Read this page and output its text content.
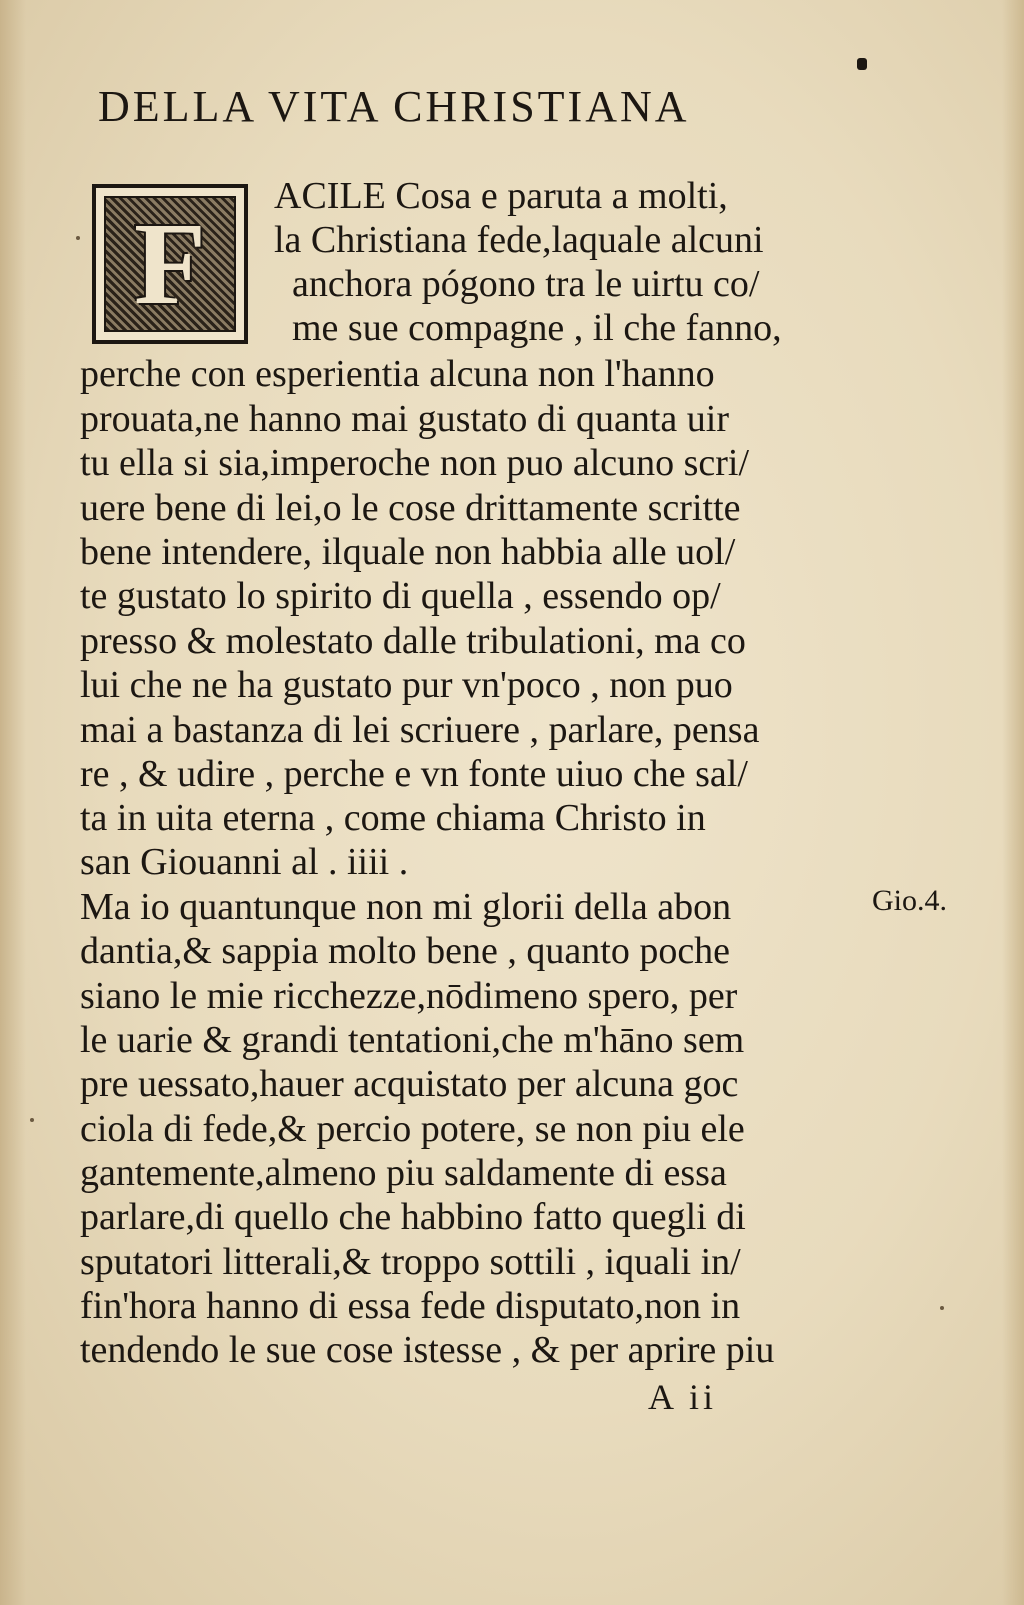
DELLA VITA CHRISTIANA
F
ACILE Cosa e paruta a molti,
la Christiana fede,laquale alcuni
anchora pógono tra le uirtu co/
me sue compagne , il che fanno,
perche con esperientia alcuna non l'hanno
prouata,ne hanno mai gustato di quanta uir
tu ella si sia,imperoche non puo alcuno scri/
uere bene di lei,o le cose drittamente scritte
bene intendere, ilquale non habbia alle uol/
te gustato lo spirito di quella , essendo op/
presso & molestato dalle tribulationi, ma co
lui che ne ha gustato pur vn'poco , non puo
mai a bastanza di lei scriuere , parlare, pensa
re , & udire , perche e vn fonte uiuo che sal/
ta in uita eterna , come chiama Christo in
san Giouanni al . iiii .
Ma io quantunque non mi glorii della abon
dantia,& sappia molto bene , quanto poche
siano le mie ricchezze,nōdimeno spero, per
le uarie & grandi tentationi,che m'hāno sem
pre uessato,hauer acquistato per alcuna goc
ciola di fede,& percio potere, se non piu ele
gantemente,almeno piu saldamente di essa
parlare,di quello che habbino fatto quegli di
sputatori litterali,& troppo sottili , iquali in/
fin'hora hanno di essa fede disputato,non in
tendendo le sue cose istesse , & per aprire piu
Gio.4.
A ii
